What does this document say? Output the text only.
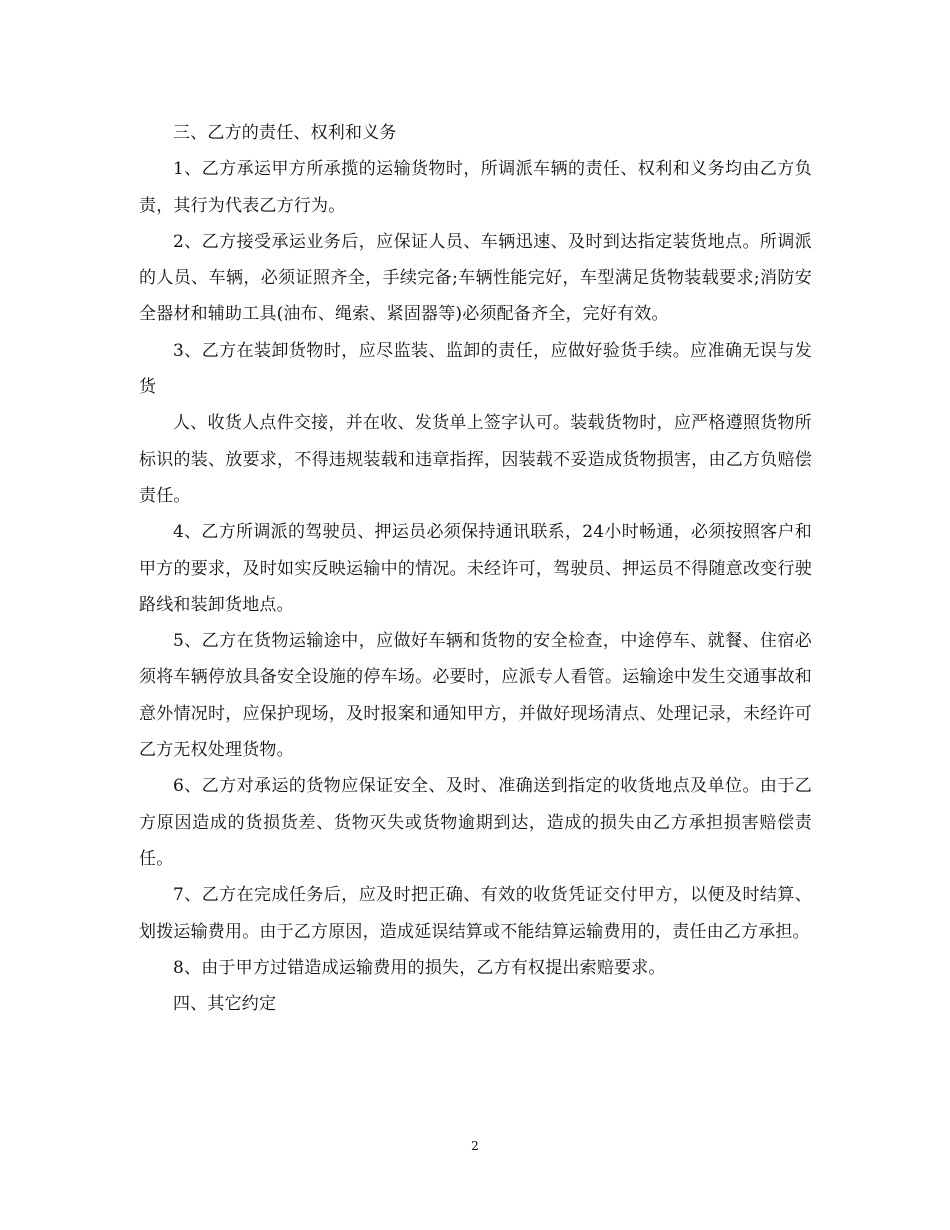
三、乙方的责任、权利和义务

1、乙方承运甲方所承揽的运输货物时，所调派车辆的责任、权利和义务均由乙方负责，其行为代表乙方行为。

2、乙方接受承运业务后，应保证人员、车辆迅速、及时到达指定装货地点。所调派的人员、车辆，必须证照齐全，手续完备;车辆性能完好，车型满足货物装载要求;消防安全器材和辅助工具(油布、绳索、紧固器等)必须配备齐全，完好有效。

3、乙方在装卸货物时，应尽监装、监卸的责任，应做好验货手续。应准确无误与发货

人、收货人点件交接，并在收、发货单上签字认可。装载货物时，应严格遵照货物所标识的装、放要求，不得违规装载和违章指挥，因装载不妥造成货物损害，由乙方负赔偿责任。

4、乙方所调派的驾驶员、押运员必须保持通讯联系，24小时畅通，必须按照客户和甲方的要求，及时如实反映运输中的情况。未经许可，驾驶员、押运员不得随意改变行驶路线和装卸货地点。

5、乙方在货物运输途中，应做好车辆和货物的安全检查，中途停车、就餐、住宿必须将车辆停放具备安全设施的停车场。必要时，应派专人看管。运输途中发生交通事故和意外情况时，应保护现场，及时报案和通知甲方，并做好现场清点、处理记录，未经许可乙方无权处理货物。

6、乙方对承运的货物应保证安全、及时、准确送到指定的收货地点及单位。由于乙方原因造成的货损货差、货物灭失或货物逾期到达，造成的损失由乙方承担损害赔偿责任。

7、乙方在完成任务后，应及时把正确、有效的收货凭证交付甲方，以便及时结算、划拨运输费用。由于乙方原因，造成延误结算或不能结算运输费用的，责任由乙方承担。

8、由于甲方过错造成运输费用的损失，乙方有权提出索赔要求。

四、其它约定

2
